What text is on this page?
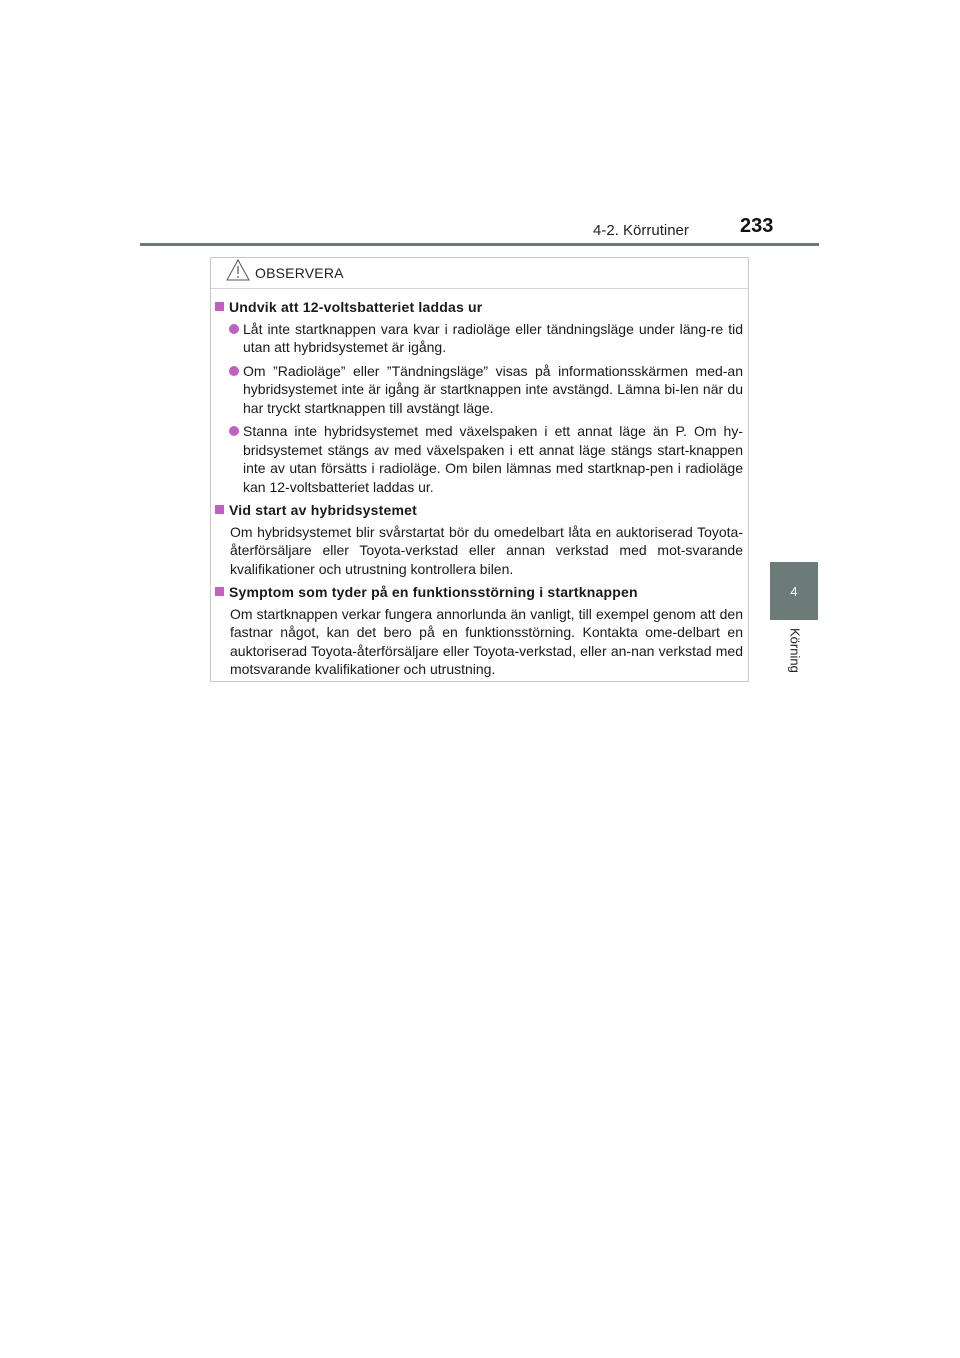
4-2. Körrutiner	233
4
Körning
OBSERVERA
Undvik att 12-voltsbatteriet laddas ur
Låt inte startknappen vara kvar i radioläge eller tändningsläge under läng-re tid utan att hybridsystemet är igång.
Om ”Radioläge” eller ”Tändningsläge” visas på informationsskärmen med-an hybridsystemet inte är igång är startknappen inte avstängd. Lämna bi-len när du har tryckt startknappen till avstängt läge.
Stanna inte hybridsystemet med växelspaken i ett annat läge än P. Om hy-bridsystemet stängs av med växelspaken i ett annat läge stängs start-knappen inte av utan försätts i radioläge. Om bilen lämnas med startknap-pen i radioläge kan 12-voltsbatteriet laddas ur.
Vid start av hybridsystemet
Om hybridsystemet blir svårstartat bör du omedelbart låta en auktoriserad Toyota-återförsäljare eller Toyota-verkstad eller annan verkstad med mot-svarande kvalifikationer och utrustning kontrollera bilen.
Symptom som tyder på en funktionsstörning i startknappen
Om startknappen verkar fungera annorlunda än vanligt, till exempel genom att den fastnar något, kan det bero på en funktionsstörning. Kontakta ome-delbart en auktoriserad Toyota-återförsäljare eller Toyota-verkstad, eller an-nan verkstad med motsvarande kvalifikationer och utrustning.
